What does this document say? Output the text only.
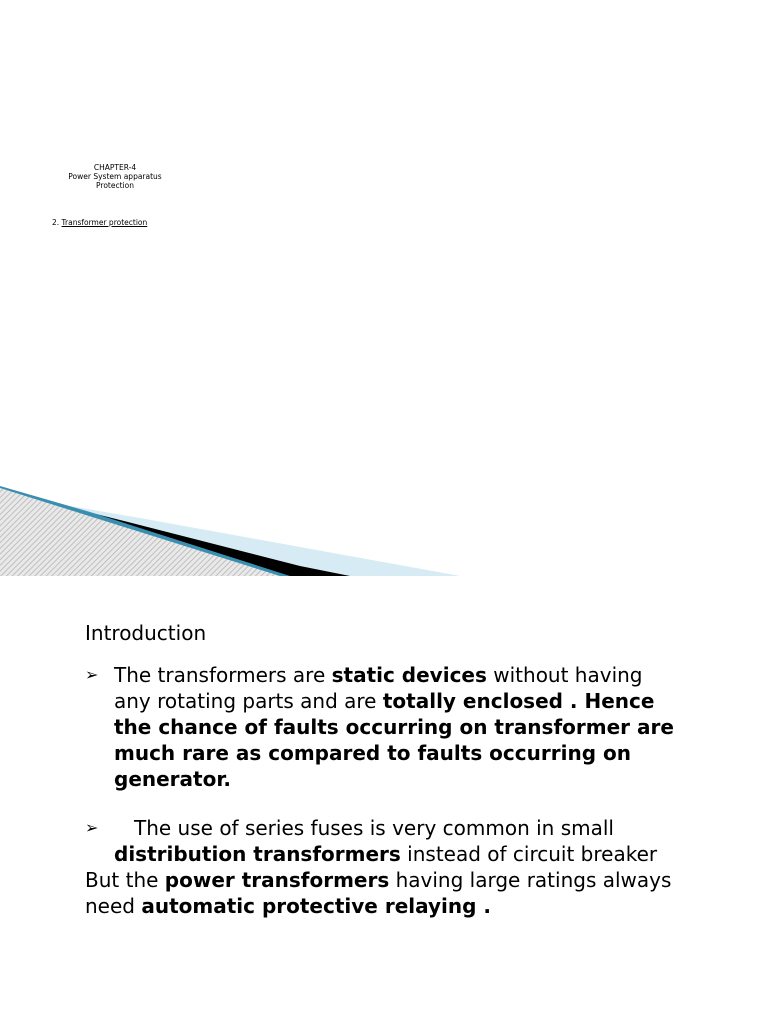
CHAPTER-4
Power System apparatus
Protection
2. Transformer protection
Introduction
➢ The transformers are static devices without having any rotating parts and are totally enclosed . Hence the chance of faults occurring on transformer are much rare as compared to faults occurring on generator.
➢	The use of series fuses is very common in small
distribution transformers instead of circuit breaker
But the power transformers having large ratings always
need automatic protective relaying .
